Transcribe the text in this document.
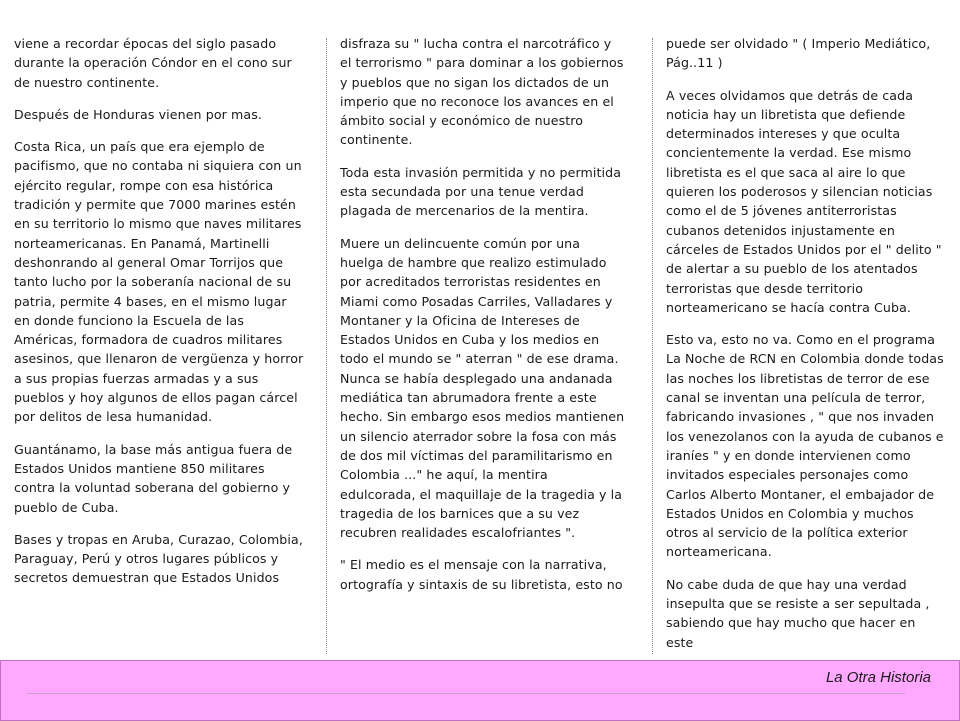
viene a recordar épocas del siglo pasado durante la operación Cóndor en el cono sur de nuestro continente.

Después de Honduras vienen por mas.

Costa Rica, un país que era ejemplo de pacifismo, que no contaba ni siquiera con un ejército regular, rompe con esa histórica tradición y permite que 7000 marines estén en su territorio lo mismo que naves militares norteamericanas. En Panamá, Martinelli deshonrando al general Omar Torrijos que tanto lucho por la soberanía nacional de su patria, permite 4 bases, en el mismo lugar en donde funciono la Escuela de las Américas, formadora de cuadros militares asesinos, que llenaron de vergüenza y horror a sus propias fuerzas armadas y a sus pueblos y hoy algunos de ellos pagan cárcel por delitos de lesa humanidad.

Guantánamo, la base más antigua fuera de Estados Unidos mantiene 850 militares contra la voluntad soberana del gobierno y pueblo de Cuba.

Bases y tropas en Aruba, Curazao, Colombia, Paraguay, Perú y otros lugares públicos y secretos demuestran que Estados Unidos

disfraza su " lucha contra el narcotráfico y el terrorismo " para dominar a los gobiernos y pueblos que no sigan los dictados de un imperio que no reconoce los avances en el ámbito social y económico de nuestro continente.

Toda esta invasión permitida y no permitida esta secundada por una tenue verdad plagada de mercenarios de la mentira.

Muere un delincuente común por una huelga de hambre que realizo estimulado por acreditados terroristas residentes en Miami como Posadas Carriles, Valladares y Montaner y la Oficina de Intereses de Estados Unidos en Cuba y los medios en todo el mundo se " aterran " de ese drama. Nunca se había desplegado una andanada mediática tan abrumadora frente a este hecho. Sin embargo esos medios mantienen un silencio aterrador sobre la fosa con más de dos mil víctimas del paramilitarismo en Colombia ..." he aquí, la mentira edulcorada, el maquillaje de la tragedia y la tragedia de los barnices que a su vez recubren realidades escalofriantes ".

" El medio es el mensaje con la narrativa, ortografía y sintaxis de su libretista, esto no

puede ser olvidado " ( Imperio Mediático, Pág..11 )

A veces olvidamos que detrás de cada noticia hay un libretista que defiende determinados intereses y que oculta concientemente la verdad. Ese mismo libretista es el que saca al aire lo que quieren los poderosos y silencian noticias como el de 5 jóvenes antiterroristas cubanos detenidos injustamente en cárceles de Estados Unidos por el " delito " de alertar a su pueblo de los atentados terroristas que desde territorio norteamericano se hacía contra Cuba.

Esto va, esto no va. Como en el programa La Noche de RCN en Colombia donde todas las noches los libretistas de terror de ese canal se inventan una película de terror, fabricando invasiones , " que nos invaden los venezolanos con la ayuda de cubanos e iraníes " y en donde intervienen como invitados especiales personajes como Carlos Alberto Montaner, el embajador de Estados Unidos en Colombia y muchos otros al servicio de la política exterior norteamericana.

No cabe duda de que hay una verdad insepulta que se resiste a ser sepultada , sabiendo que hay mucho que hacer en este

La Otra Historia
